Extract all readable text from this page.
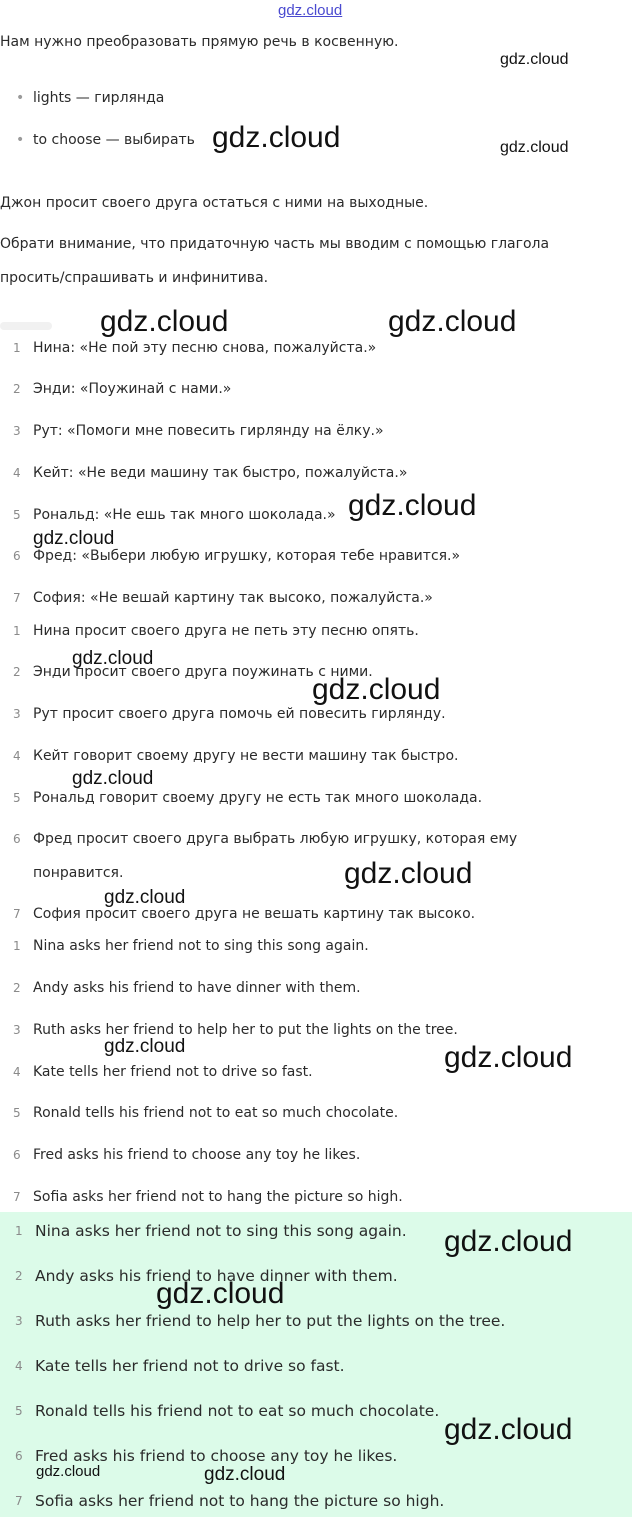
gdz.cloud
Нам нужно преобразовать прямую речь в косвенную.
• lights — гирлянда
• to choose — выбирать
Джон просит своего друга остаться с ними на выходные.
Обрати внимание, что придаточную часть мы вводим с помощью глагола
просить/спрашивать и инфинитива.
1 Нина: «Не пой эту песню снова, пожалуйста.»
2 Энди: «Поужинай с нами.»
3 Рут: «Помоги мне повесить гирлянду на ёлку.»
4 Кейт: «Не веди машину так быстро, пожалуйста.»
5 Рональд: «Не ешь так много шоколада.»
6 Фред: «Выбери любую игрушку, которая тебе нравится.»
7 София: «Не вешай картину так высоко, пожалуйста.»
1 Нина просит своего друга не петь эту песню опять.
2 Энди просит своего друга поужинать с ними.
3 Рут просит своего друга помочь ей повесить гирлянду.
4 Кейт говорит своему другу не вести машину так быстро.
5 Рональд говорит своему другу не есть так много шоколада.
6 Фред просит своего друга выбрать любую игрушку, которая ему
понравится.
7 София просит своего друга не вешать картину так высоко.
1 Nina asks her friend not to sing this song again.
2 Andy asks his friend to have dinner with them.
3 Ruth asks her friend to help her to put the lights on the tree.
4 Kate tells her friend not to drive so fast.
5 Ronald tells his friend not to eat so much chocolate.
6 Fred asks his friend to choose any toy he likes.
7 Sofia asks her friend not to hang the picture so high.
1 Nina asks her friend not to sing this song again.
2 Andy asks his friend to have dinner with them.
3 Ruth asks her friend to help her to put the lights on the tree.
4 Kate tells her friend not to drive so fast.
5 Ronald tells his friend not to eat so much chocolate.
6 Fred asks his friend to choose any toy he likes.
7 Sofia asks her friend not to hang the picture so high.
gdz.cloud
gdz.cloud	gdz.cloud
gdz.cloud	gdz.cloud
gdz.cloud
gdz.cloud
gdz.cloud
gdz.cloud
gdz.cloud
gdz.cloud
gdz.cloud
gdz.cloud	gdz.cloud
gdz.cloud
gdz.cloud
gdz.cloud
gdz.cloud	gdz.cloud
